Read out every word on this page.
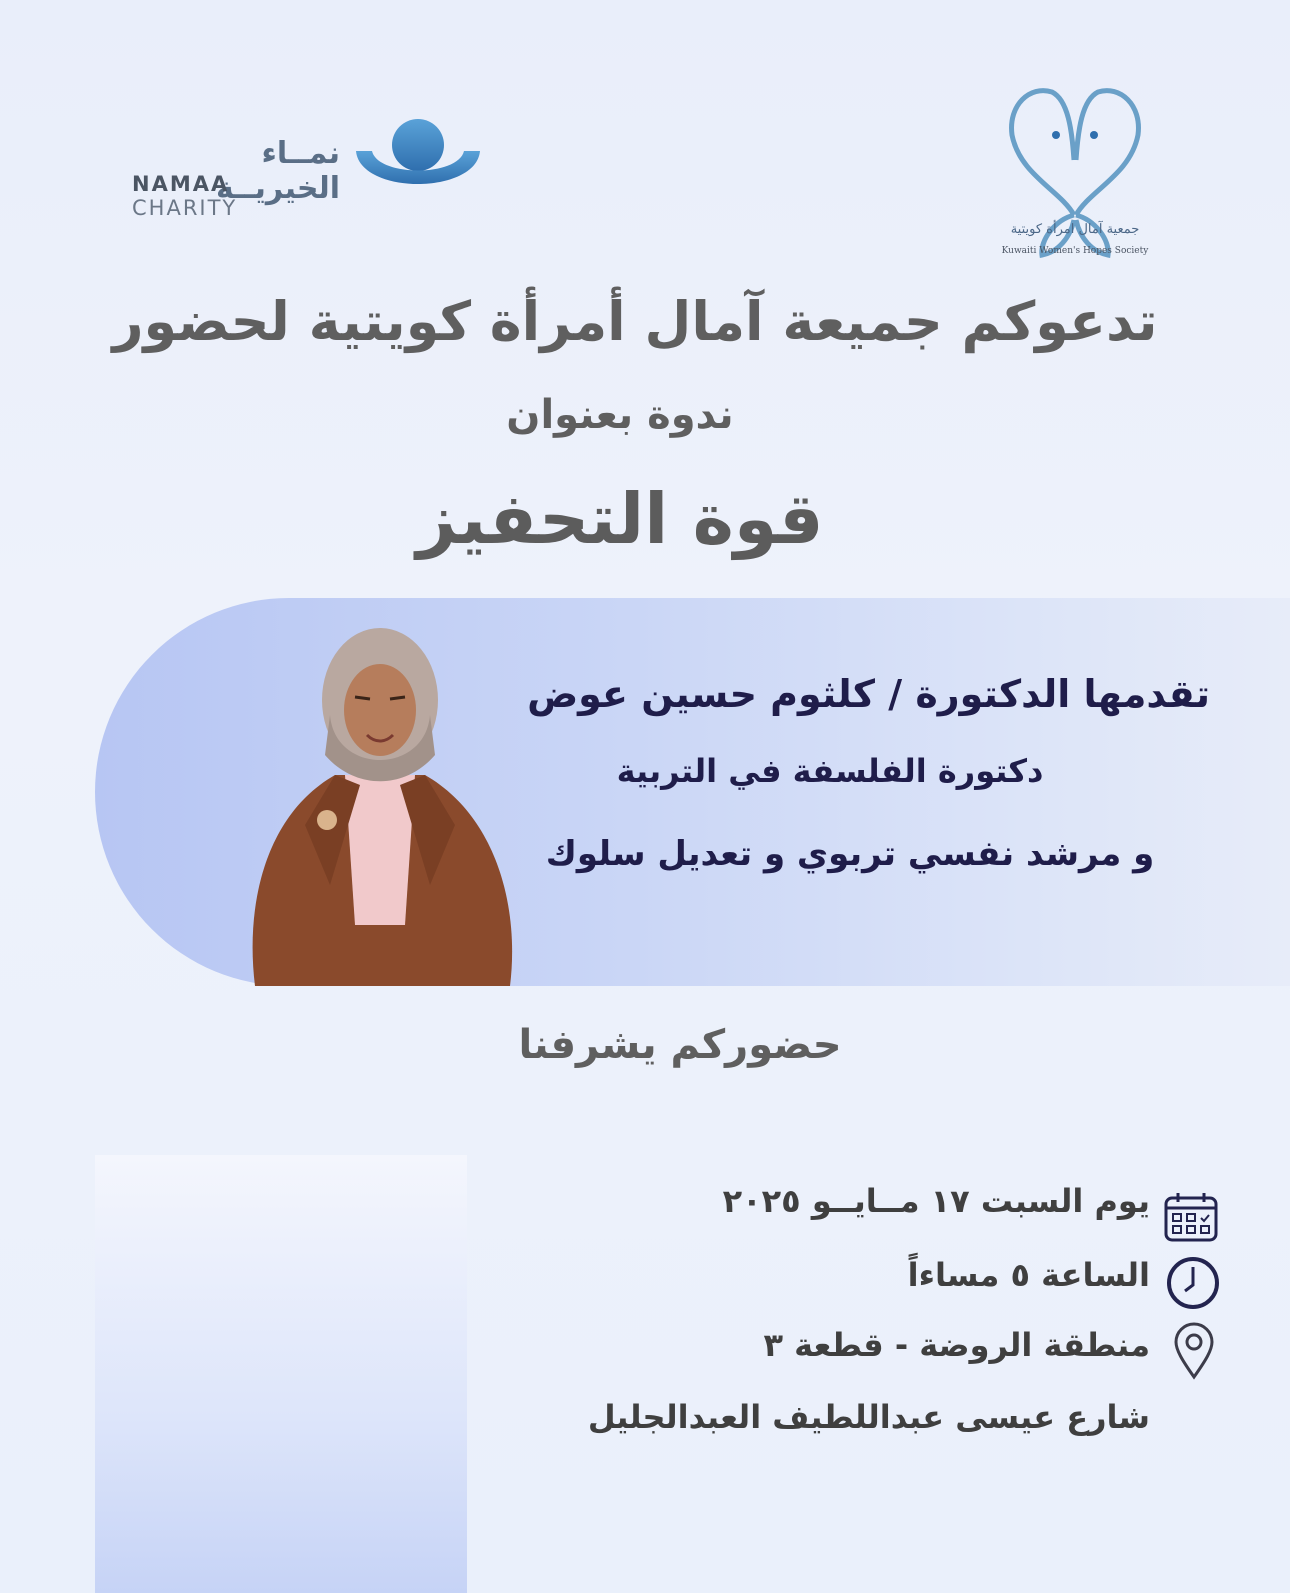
نمــاء الخيريــة
NAMAA CHARITY
جمعية آمال امرأة كويتية
Kuwaiti Women's Hopes Society
تدعوكم جميعة آمال أمرأة كويتية لحضور
ندوة بعنوان
قوة التحفيز
تقدمها الدكتورة / كلثوم حسين عوض
دكتورة الفلسفة في التربية
و مرشد نفسي تربوي و تعديل سلوك
حضوركم يشرفنا
يوم السبت ١٧ مــايــو ٢٠٢٥
الساعة ٥ مساءاً
منطقة الروضة - قطعة ٣
شارع عيسى عبداللطيف العبدالجليل
